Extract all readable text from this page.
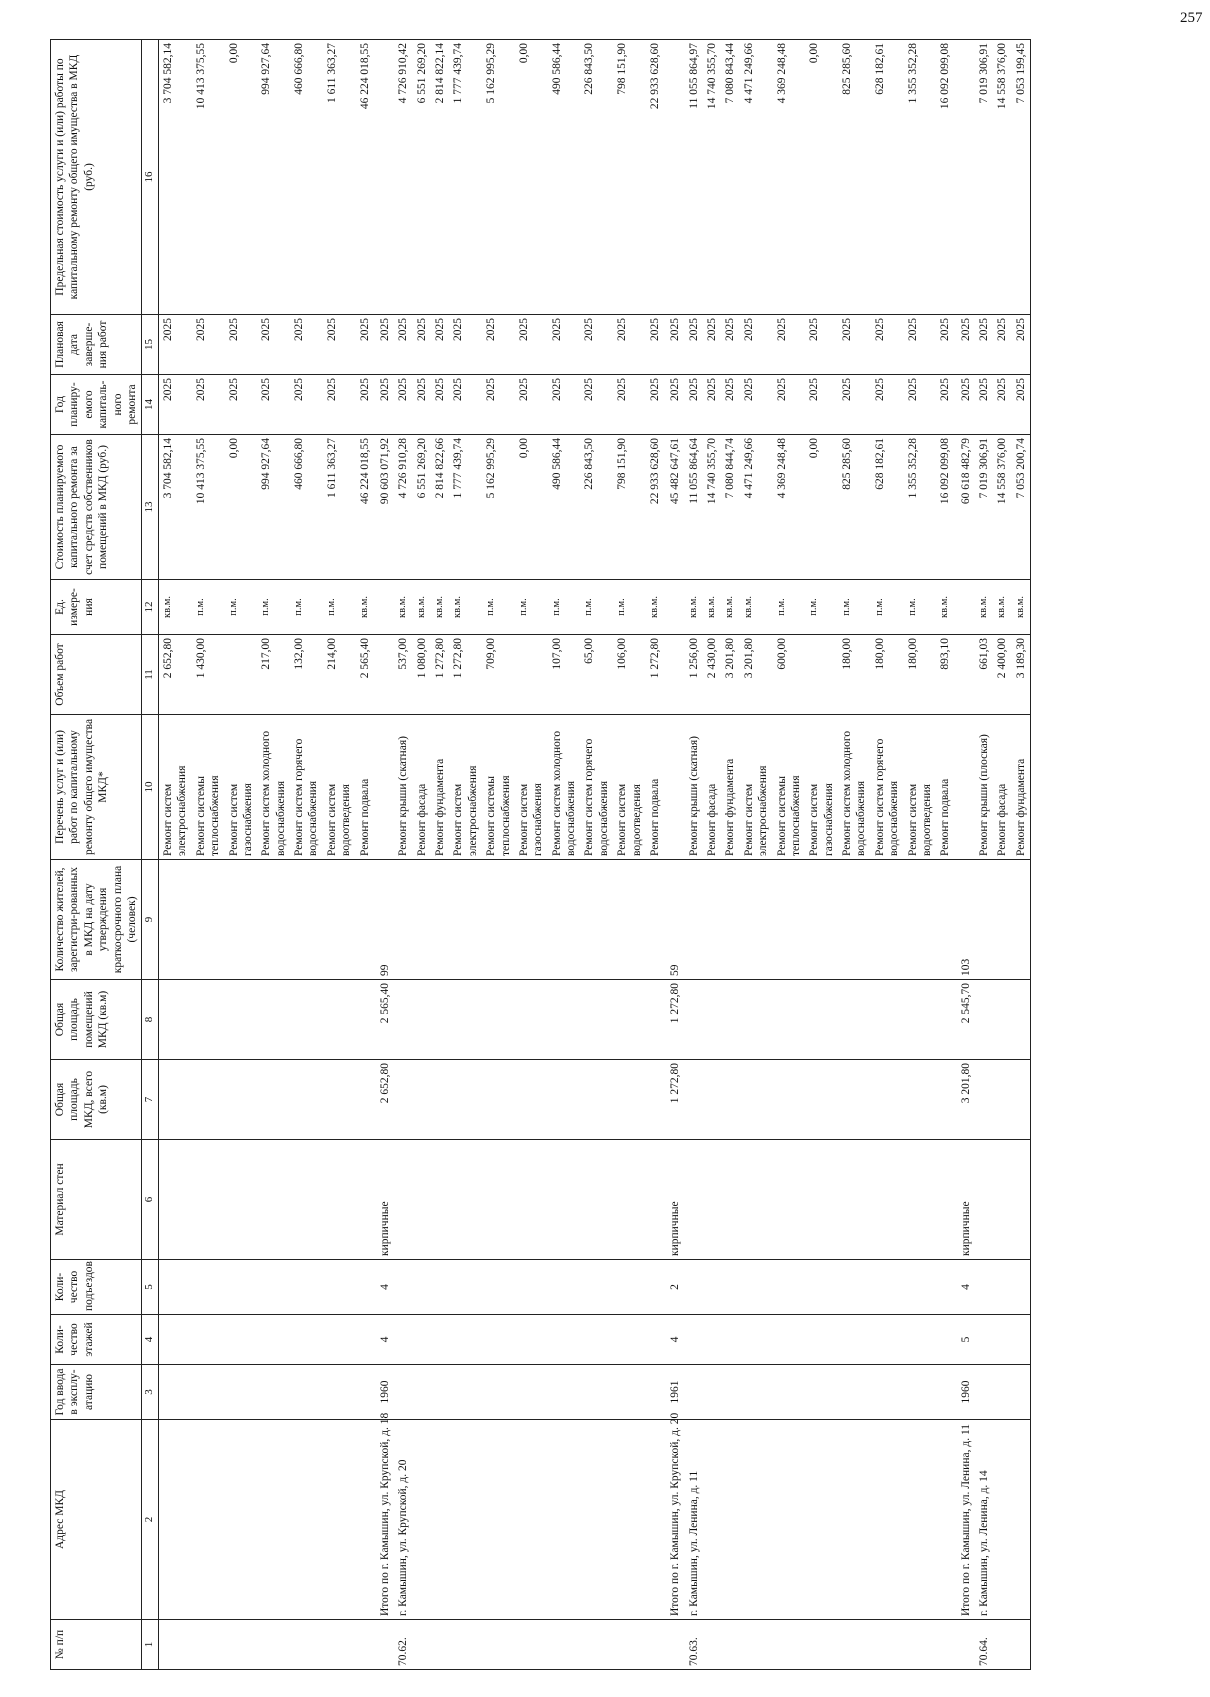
257
№ п/п	Адрес МКД	Год ввода в эксплу-атацию	Коли-чество этажей	Коли-чество подъездов	Материал стен	Общая площадь МКД, всего (кв.м)	Общая площадь помещений МКД (кв.м)	Количество жителей, зарегистри-рованных в МКД на дату утверждения краткосрочного плана (человек)	Перечень услуг и (или) работ по капитальному ремонту общего имущества МКД*	Объем работ	Ед. измере-ния	Стоимость планируемого капитального ремонта за счет средств собственников помещений в МКД (руб.)	Год планиру-емого капиталь-ного ремонта	Плановая дата заверше-ния работ	Предельная стоимость услуги и (или) работы по капитальному ремонту общего имущества в МКД (руб.)
1	2	3	4	5	6	7	8	9	10	11	12	13	14	15	16
									Ремонт систем электроснабжения	2 652,80	кв.м.	3 704 582,14	2025	2025	3 704 582,14
									Ремонт системы теплоснабжения	1 430,00	п.м.	10 413 375,55	2025	2025	10 413 375,55
									Ремонт систем газоснабжения		п.м.	0,00	2025	2025	0,00
									Ремонт систем холодного водоснабжения	217,00	п.м.	994 927,64	2025	2025	994 927,64
									Ремонт систем горячего водоснабжения	132,00	п.м.	460 666,80	2025	2025	460 666,80
									Ремонт систем водоотведения	214,00	п.м.	1 611 363,27	2025	2025	1 611 363,27
									Ремонт подвала	2 565,40	кв.м.	46 224 018,55	2025	2025	46 224 018,55
	Итого по г. Камышин, ул. Крупской, д. 18	1960	4	4	кирпичные	2 652,80	2 565,40	99				90 603 071,92	2025	2025	
70.62.	г. Камышин, ул. Крупской, д. 20								Ремонт крыши (скатная)	537,00	кв.м.	4 726 910,28	2025	2025	4 726 910,42
									Ремонт фасада	1 080,00	кв.м.	6 551 269,20	2025	2025	6 551 269,20
									Ремонт фундамента	1 272,80	кв.м.	2 814 822,66	2025	2025	2 814 822,14
									Ремонт систем электроснабжения	1 272,80	кв.м.	1 777 439,74	2025	2025	1 777 439,74
									Ремонт системы теплоснабжения	709,00	п.м.	5 162 995,29	2025	2025	5 162 995,29
									Ремонт систем газоснабжения		п.м.	0,00	2025	2025	0,00
									Ремонт систем холодного водоснабжения	107,00	п.м.	490 586,44	2025	2025	490 586,44
									Ремонт систем горячего водоснабжения	65,00	п.м.	226 843,50	2025	2025	226 843,50
									Ремонт систем водоотведения	106,00	п.м.	798 151,90	2025	2025	798 151,90
									Ремонт подвала	1 272,80	кв.м.	22 933 628,60	2025	2025	22 933 628,60
	Итого по г. Камышин, ул. Крупской, д. 20	1961	4	2	кирпичные	1 272,80	1 272,80	59				45 482 647,61	2025	2025	
70.63.	г. Камышин, ул. Ленина, д. 11								Ремонт крыши (скатная)	1 256,00	кв.м.	11 055 864,64	2025	2025	11 055 864,97
									Ремонт фасада	2 430,00	кв.м.	14 740 355,70	2025	2025	14 740 355,70
									Ремонт фундамента	3 201,80	кв.м.	7 080 844,74	2025	2025	7 080 843,44
									Ремонт систем электроснабжения	3 201,80	кв.м.	4 471 249,66	2025	2025	4 471 249,66
									Ремонт системы теплоснабжения	600,00	п.м.	4 369 248,48	2025	2025	4 369 248,48
									Ремонт систем газоснабжения		п.м.	0,00	2025	2025	0,00
									Ремонт систем холодного водоснабжения	180,00	п.м.	825 285,60	2025	2025	825 285,60
									Ремонт систем горячего водоснабжения	180,00	п.м.	628 182,61	2025	2025	628 182,61
									Ремонт систем водоотведения	180,00	п.м.	1 355 352,28	2025	2025	1 355 352,28
									Ремонт подвала	893,10	кв.м.	16 092 099,08	2025	2025	16 092 099,08
	Итого по г. Камышин, ул. Ленина, д. 11	1960	5	4	кирпичные	3 201,80	2 545,70	103				60 618 482,79	2025	2025	
70.64.	г. Камышин, ул. Ленина, д. 14								Ремонт крыши (плоская)	661,03	кв.м.	7 019 306,91	2025	2025	7 019 306,91
									Ремонт фасада	2 400,00	кв.м.	14 558 376,00	2025	2025	14 558 376,00
									Ремонт фундамента	3 189,30	кв.м.	7 053 200,74	2025	2025	7 053 199,45
